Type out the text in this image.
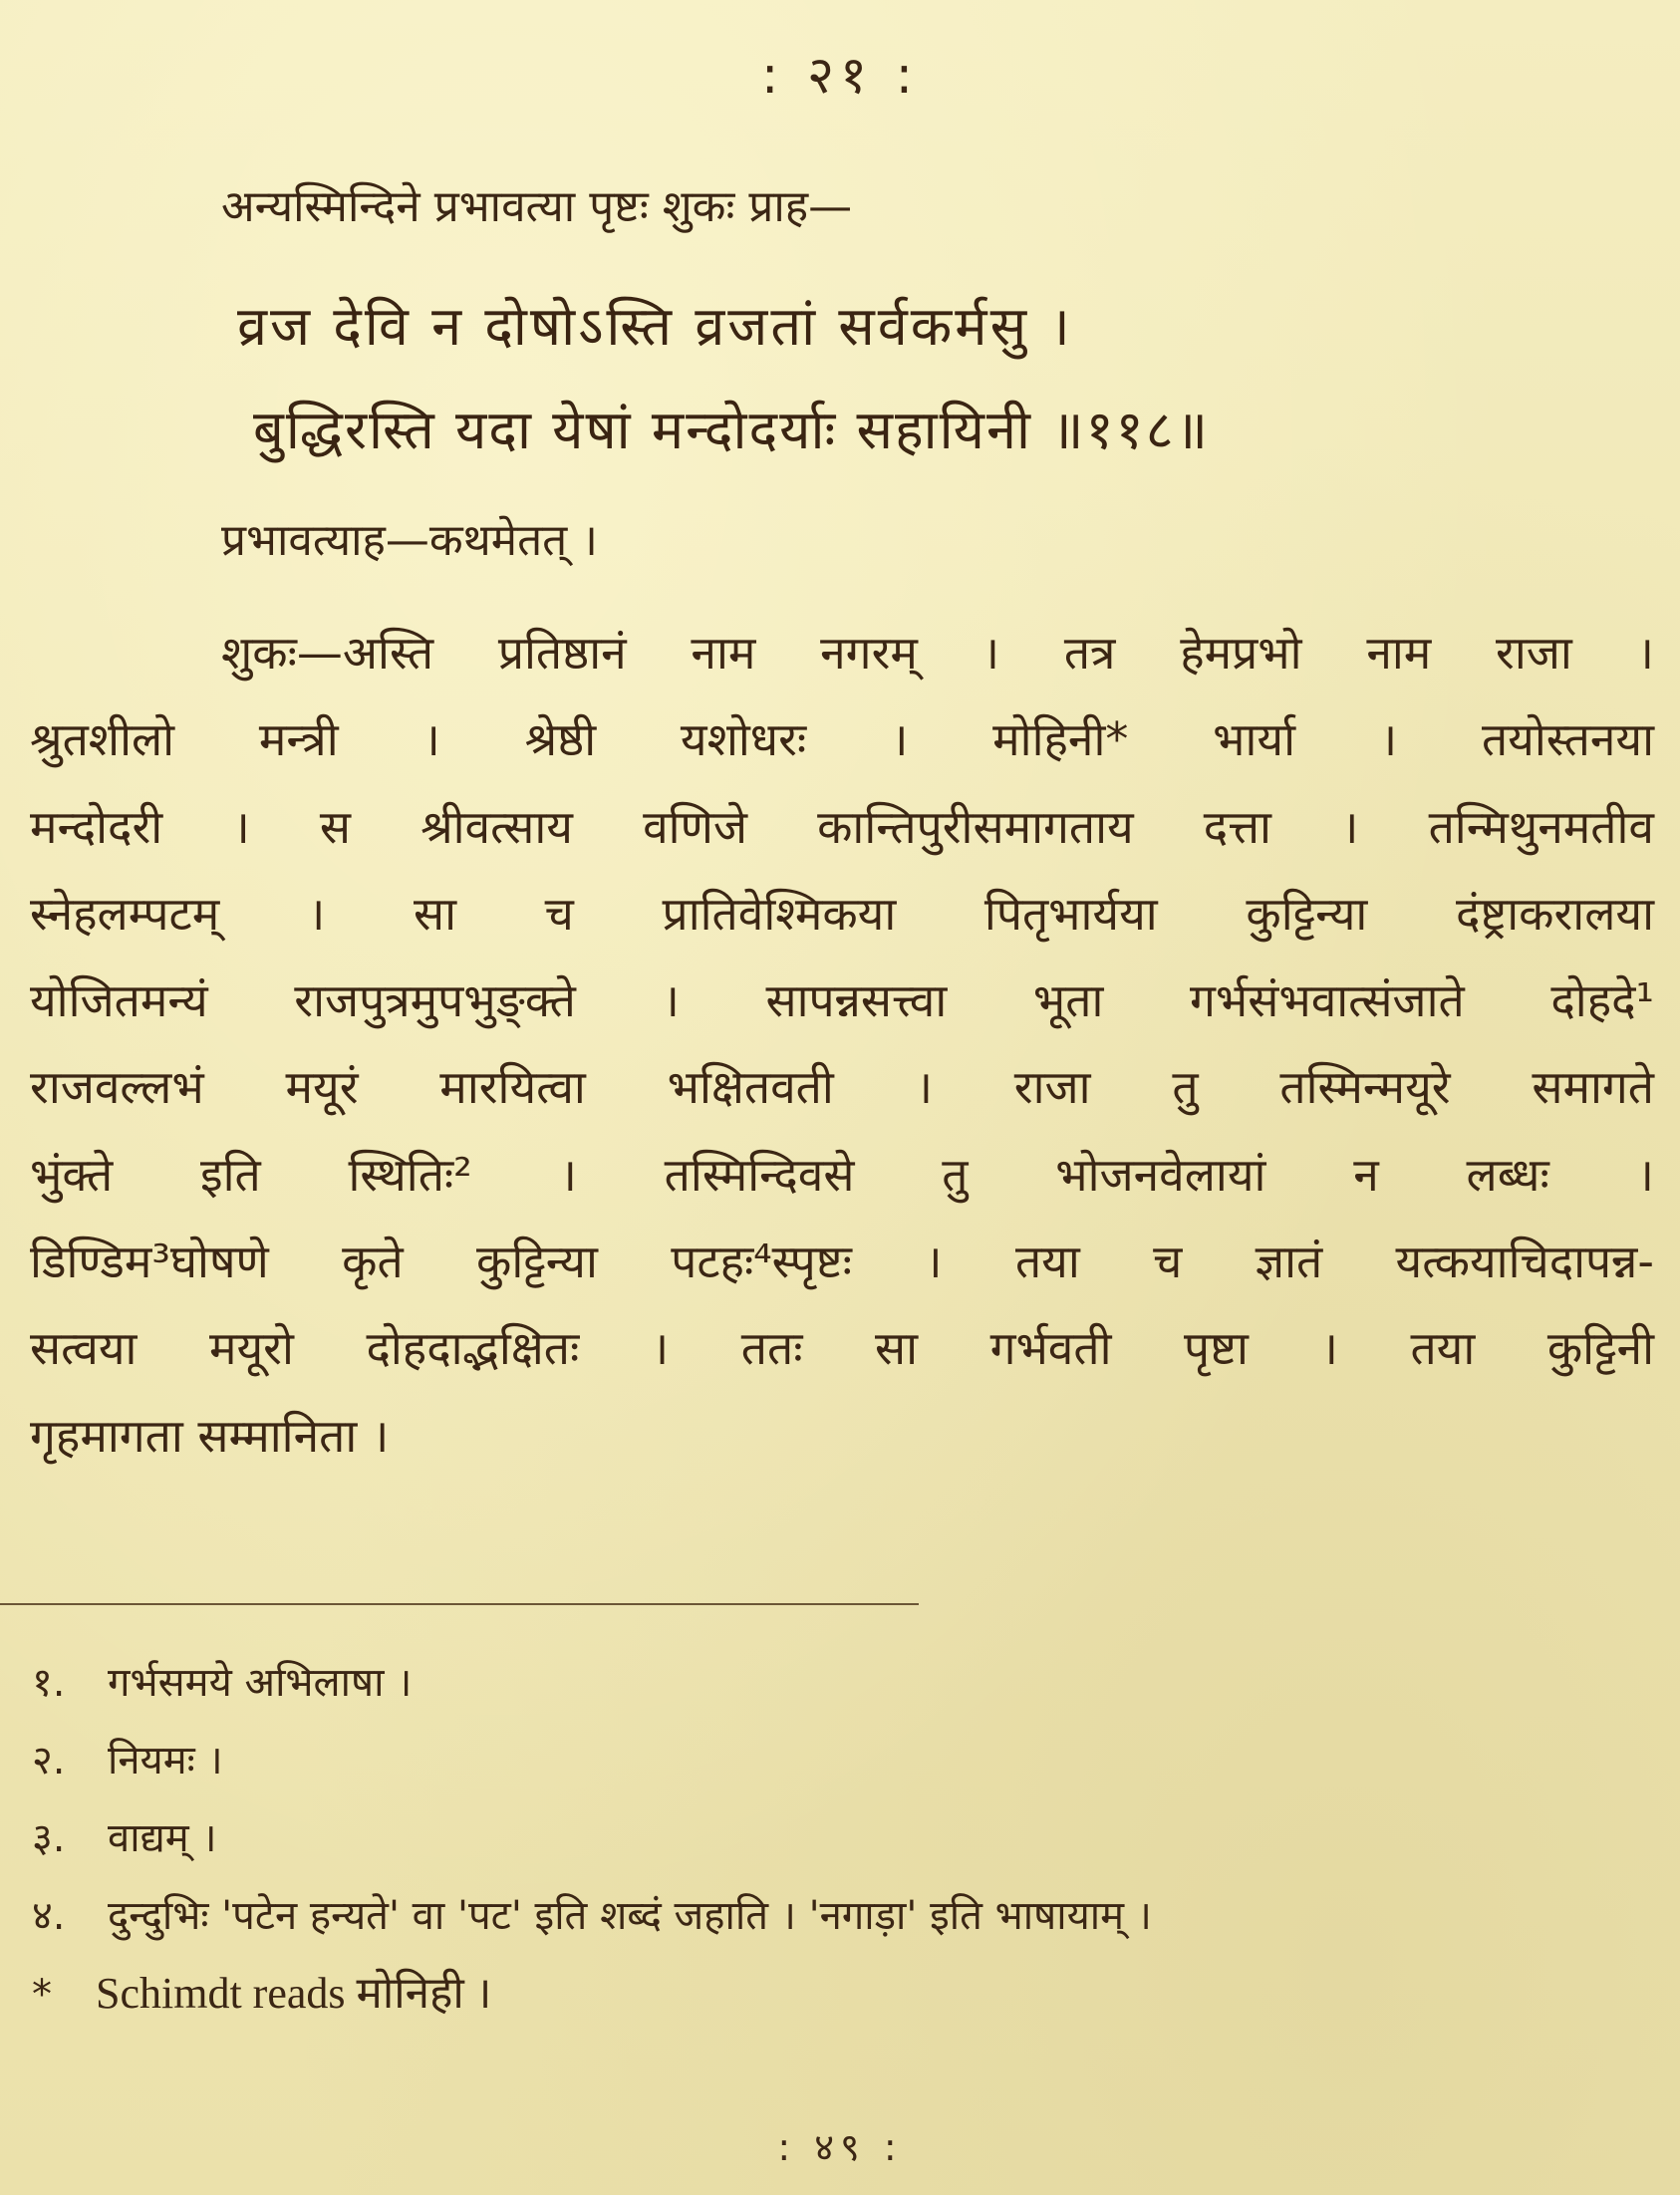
: २१ :
अन्यस्मिन्दिने प्रभावत्या पृष्टः शुकः प्राह—
व्रज देवि न दोषोऽस्ति व्रजतां सर्वकर्मसु ।
बुद्धिरस्ति यदा येषां मन्दोदर्याः सहायिनी ॥११८॥
प्रभावत्याह—कथमेतत् ।
शुकः—अस्ति प्रतिष्ठानं नाम नगरम् । तत्र हेमप्रभो नाम राजा ।
श्रुतशीलो मन्त्री । श्रेष्ठी यशोधरः । मोहिनी* भार्या । तयोस्तनया
मन्दोदरी । स श्रीवत्साय वणिजे कान्तिपुरीसमागताय दत्ता । तन्मिथुनमतीव
स्नेहलम्पटम् । सा च प्रातिवेश्मिकया पितृभार्यया कुट्टिन्या दंष्ट्राकरालया
योजितमन्यं राजपुत्रमुपभुङ्क्ते । सापन्नसत्त्वा भूता गर्भसंभवात्संजाते दोहदे¹
राजवल्लभं मयूरं मारयित्वा भक्षितवती । राजा तु तस्मिन्मयूरे समागते
भुंक्ते इति स्थितिः² । तस्मिन्दिवसे तु भोजनवेलायां न लब्धः ।
डिण्डिम³घोषणे कृते कुट्टिन्या पटहः⁴स्पृष्टः । तया च ज्ञातं यत्कयाचिदापन्न-
सत्वया मयूरो दोहदाद्भक्षितः । ततः सा गर्भवती पृष्टा । तया कुट्टिनी
गृहमागता सम्मानिता ।
१. गर्भसमये अभिलाषा ।
२. नियमः ।
३. वाद्यम् ।
४. दुन्दुभिः 'पटेन हन्यते' वा 'पट' इति शब्दं जहाति । 'नगाड़ा' इति भाषायाम् ।
* Schimdt reads मोनिही ।
: ४९ :
